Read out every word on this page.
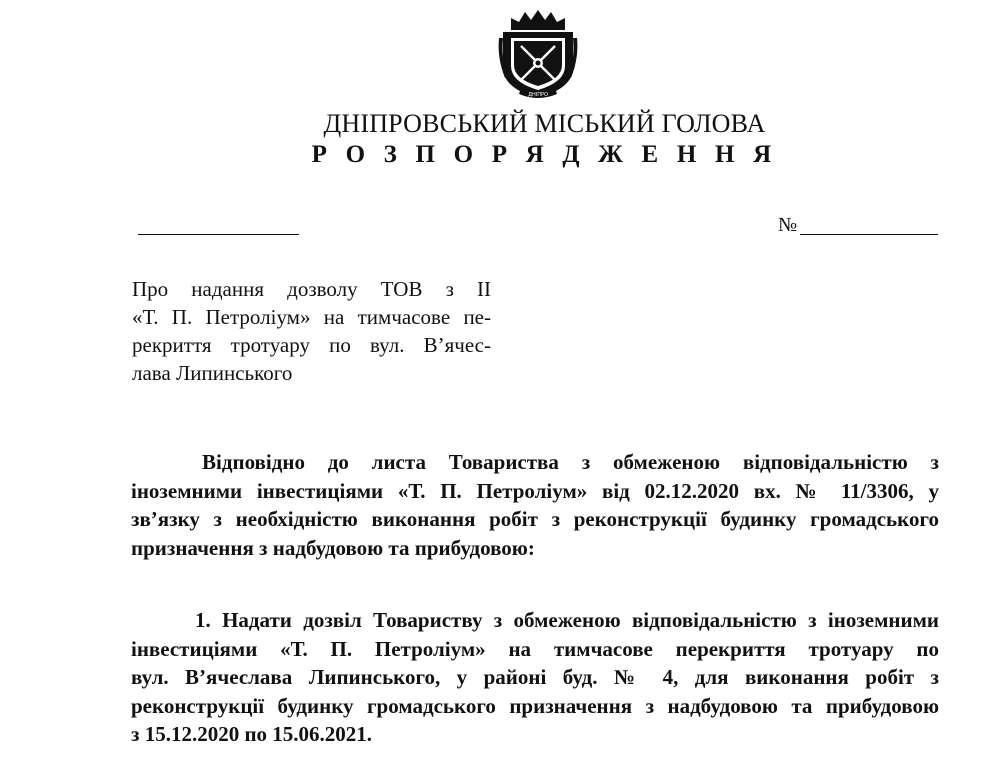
ДНІПРО
ДНІПРОВСЬКИЙ МІСЬКИЙ ГОЛОВА
Р О З П О Р Я Д Ж Е Н Н Я
№
Про надання дозволу ТОВ з ІІ
«Т. П. Петролiум» на тимчасове пе-
рекриття тротуару по вул. В’ячес-
лава Липинського
Відповідно до листа Товариства з обмеженою відповідальністю з
іноземними інвестиціями «Т. П. Петролiум» від 02.12.2020 вх. № 11/3306, у
зв’язку з необхідністю виконання робіт з реконструкції будинку громадського
призначення з надбудовою та прибудовою:
1. Надати дозвіл Товариству з обмеженою відповідальністю з іноземними
інвестиціями «Т. П. Петролiум» на тимчасове перекриття тротуару по
вул. В’ячеслава Липинського, у районі буд. № 4, для виконання робіт з
реконструкції будинку громадського призначення з надбудовою та прибудовою
з 15.12.2020 по 15.06.2021.
